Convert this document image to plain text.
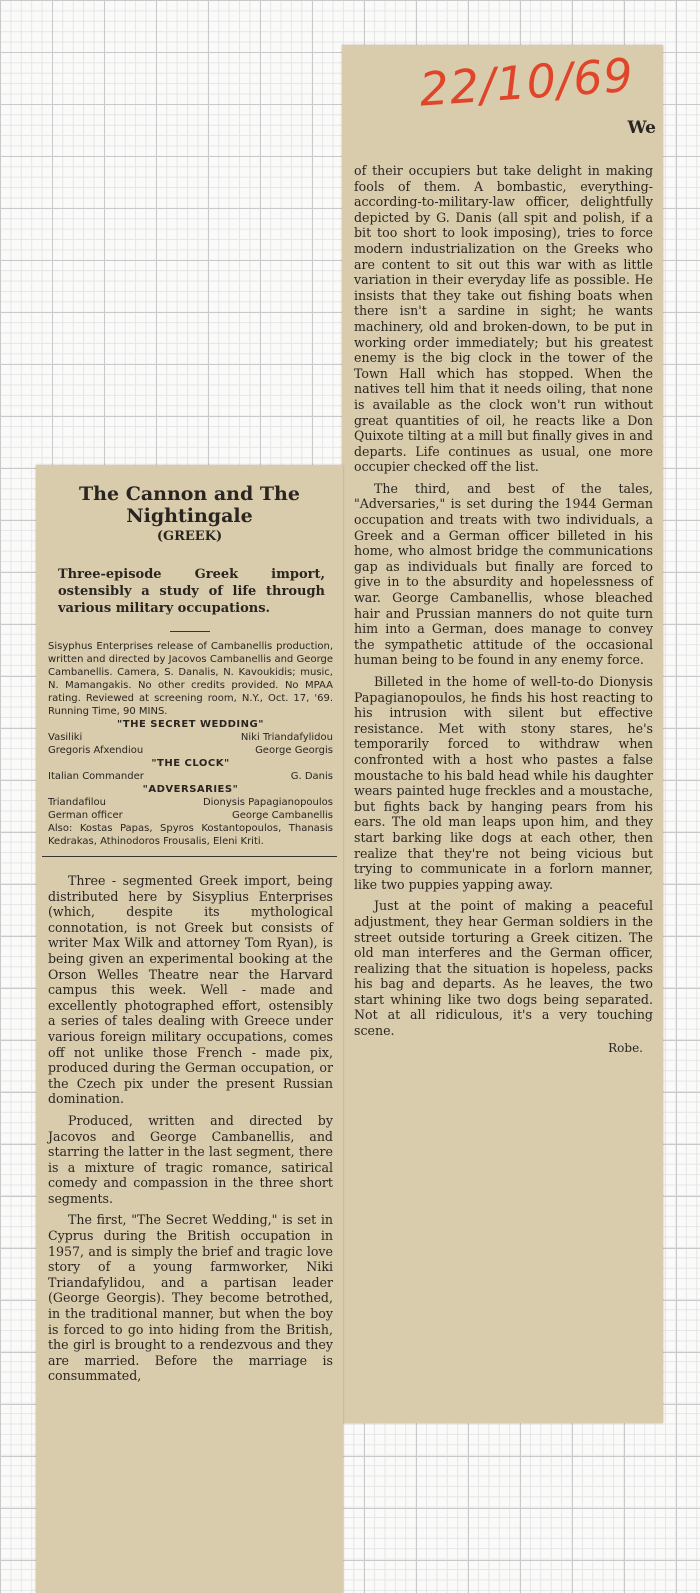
of their occupiers but take delight in making fools of them. A bombastic, everything-according-to-military-law officer, delightfully depicted by G. Danis (all spit and polish, if a bit too short to look imposing), tries to force modern industrialization on the Greeks who are content to sit out this war with as little variation in their everyday life as possible. He insists that they take out fishing boats when there isn't a sardine in sight; he wants machinery, old and broken-down, to be put in working order immediately; but his greatest enemy is the big clock in the tower of the Town Hall which has stopped. When the natives tell him that it needs oiling, that none is available as the clock won't run without great quantities of oil, he reacts like a Don Quixote tilting at a mill but finally gives in and departs. Life continues as usual, one more occupier checked off the list.

The third, and best of the tales, "Adversaries," is set during the 1944 German occupation and treats with two individuals, a Greek and a German officer billeted in his home, who almost bridge the communications gap as individuals but finally are forced to give in to the absurdity and hopelessness of war. George Cambanellis, whose bleached hair and Prussian manners do not quite turn him into a German, does manage to convey the sympathetic attitude of the occasional human being to be found in any enemy force.

Billeted in the home of well-to-do Dionysis Papagianopoulos, he finds his host reacting to his intrusion with silent but effective resistance. Met with stony stares, he's temporarily forced to withdraw when confronted with a host who pastes a false moustache to his bald head while his daughter wears painted huge freckles and a moustache, but fights back by hanging pears from his ears. The old man leaps upon him, and they start barking like dogs at each other, then realize that they're not being vicious but trying to communicate in a forlorn manner, like two puppies yapping away.

Just at the point of making a peaceful adjustment, they hear German soldiers in the street outside torturing a Greek citizen. The old man interferes and the German officer, realizing that the situation is hopeless, packs his bag and departs. As he leaves, the two start whining like two dogs being separated. Not at all ridiculous, it's a very touching scene.

Robe.
22/10/69
We
The Cannon and The
Nightingale
(GREEK)
Three-episode Greek import, ostensibly a study of life through various military occupations.
Sisyphus Enterprises release of Cambanellis production, written and directed by Jacovos Cambanellis and George Cambanellis. Camera, S. Danalis, N. Kavoukidis; music, N. Mamangakis. No other credits provided. No MPAA rating. Reviewed at screening room, N.Y., Oct. 17, '69. Running Time, 90 MINS.
"THE SECRET WEDDING"
Vasiliki	Niki Triandafylidou
Gregoris Afxendiou	George Georgis
"THE CLOCK"
Italian Commander	G. Danis
"ADVERSARIES"
Triandafilou	Dionysis Papagianopoulos
German officer	George Cambanellis
Also: Kostas Papas, Spyros Kostantopoulos, Thanasis Kedrakas, Athinodoros Frousalis, Eleni Kriti.

Three - segmented Greek import, being distributed here by Sisyplius Enterprises (which, despite its mythological connotation, is not Greek but consists of writer Max Wilk and attorney Tom Ryan), is being given an experimental booking at the Orson Welles Theatre near the Harvard campus this week. Well - made and excellently photographed effort, ostensibly a series of tales dealing with Greece under various foreign military occupations, comes off not unlike those French - made pix, produced during the German occupation, or the Czech pix under the present Russian domination.

Produced, written and directed by Jacovos and George Cambanellis, and starring the latter in the last segment, there is a mixture of tragic romance, satirical comedy and compassion in the three short segments.

The first, "The Secret Wedding," is set in Cyprus during the British occupation in 1957, and is simply the brief and tragic love story of a young farmworker, Niki Triandafylidou, and a partisan leader (George Georgis). They become betrothed, in the traditional manner, but when the boy is forced to go into hiding from the British, the girl is brought to a rendezvous and they are married. Before the marriage is consummated,
